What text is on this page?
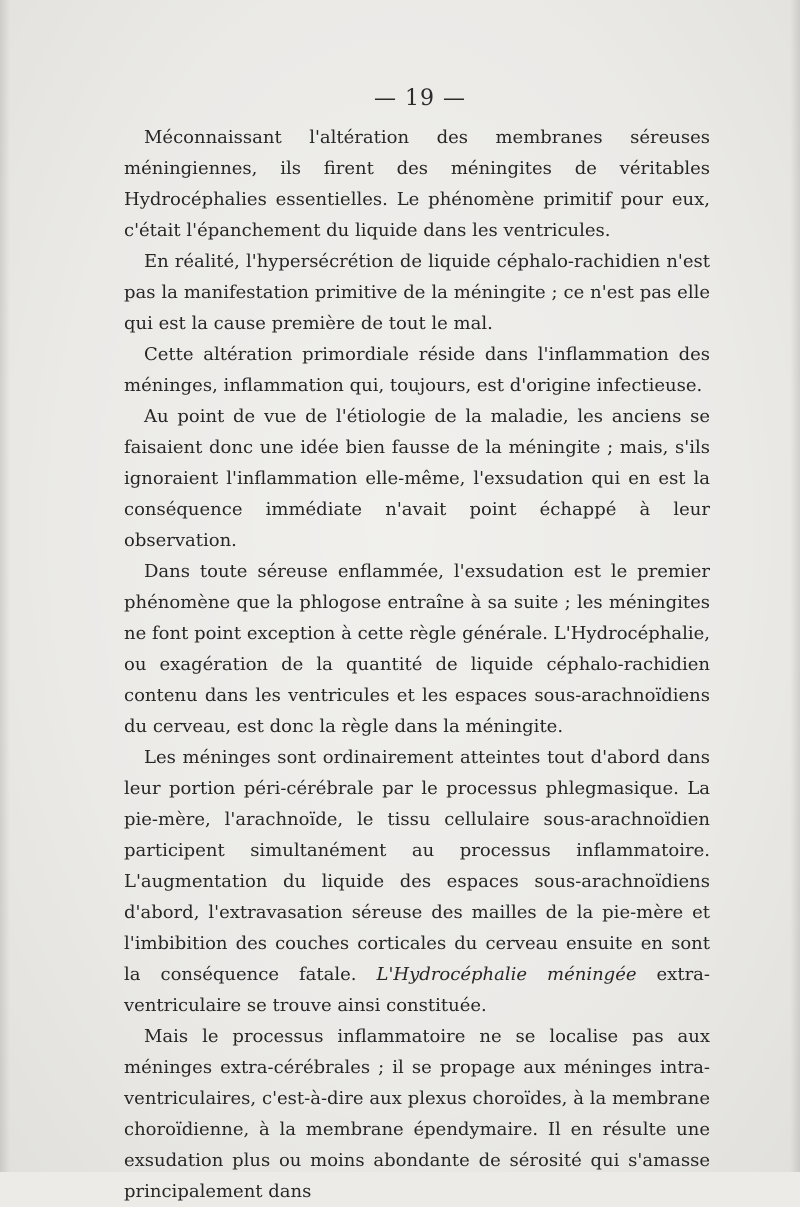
— 19 —

Méconnaissant l'altération des membranes séreuses méningiennes, ils firent des méningites de véritables Hydrocéphalies essentielles. Le phénomène primitif pour eux, c'était l'épanchement du liquide dans les ventricules.

En réalité, l'hypersécrétion de liquide céphalo-rachidien n'est pas la manifestation primitive de la méningite ; ce n'est pas elle qui est la cause première de tout le mal.

Cette altération primordiale réside dans l'inflammation des méninges, inflammation qui, toujours, est d'origine infectieuse.

Au point de vue de l'étiologie de la maladie, les anciens se faisaient donc une idée bien fausse de la méningite ; mais, s'ils ignoraient l'inflammation elle-même, l'exsudation qui en est la conséquence immédiate n'avait point échappé à leur observation.

Dans toute séreuse enflammée, l'exsudation est le premier phénomène que la phlogose entraîne à sa suite ; les méningites ne font point exception à cette règle générale. L'Hydrocéphalie, ou exagération de la quantité de liquide céphalo-rachidien contenu dans les ventricules et les espaces sous-arachnoïdiens du cerveau, est donc la règle dans la méningite.

Les méninges sont ordinairement atteintes tout d'abord dans leur portion péri-cérébrale par le processus phlegmasique. La pie-mère, l'arachnoïde, le tissu cellulaire sous-arachnoïdien participent simultanément au processus inflammatoire. L'augmentation du liquide des espaces sous-arachnoïdiens d'abord, l'extravasation séreuse des mailles de la pie-mère et l'imbibition des couches corticales du cerveau ensuite en sont la conséquence fatale. L'Hydrocéphalie méningée extra-ventriculaire se trouve ainsi constituée.

Mais le processus inflammatoire ne se localise pas aux méninges extra-cérébrales ; il se propage aux méninges intra-ventriculaires, c'est-à-dire aux plexus choroïdes, à la membrane choroïdienne, à la membrane épendymaire. Il en résulte une exsudation plus ou moins abondante de sérosité qui s'amasse principalement dans
